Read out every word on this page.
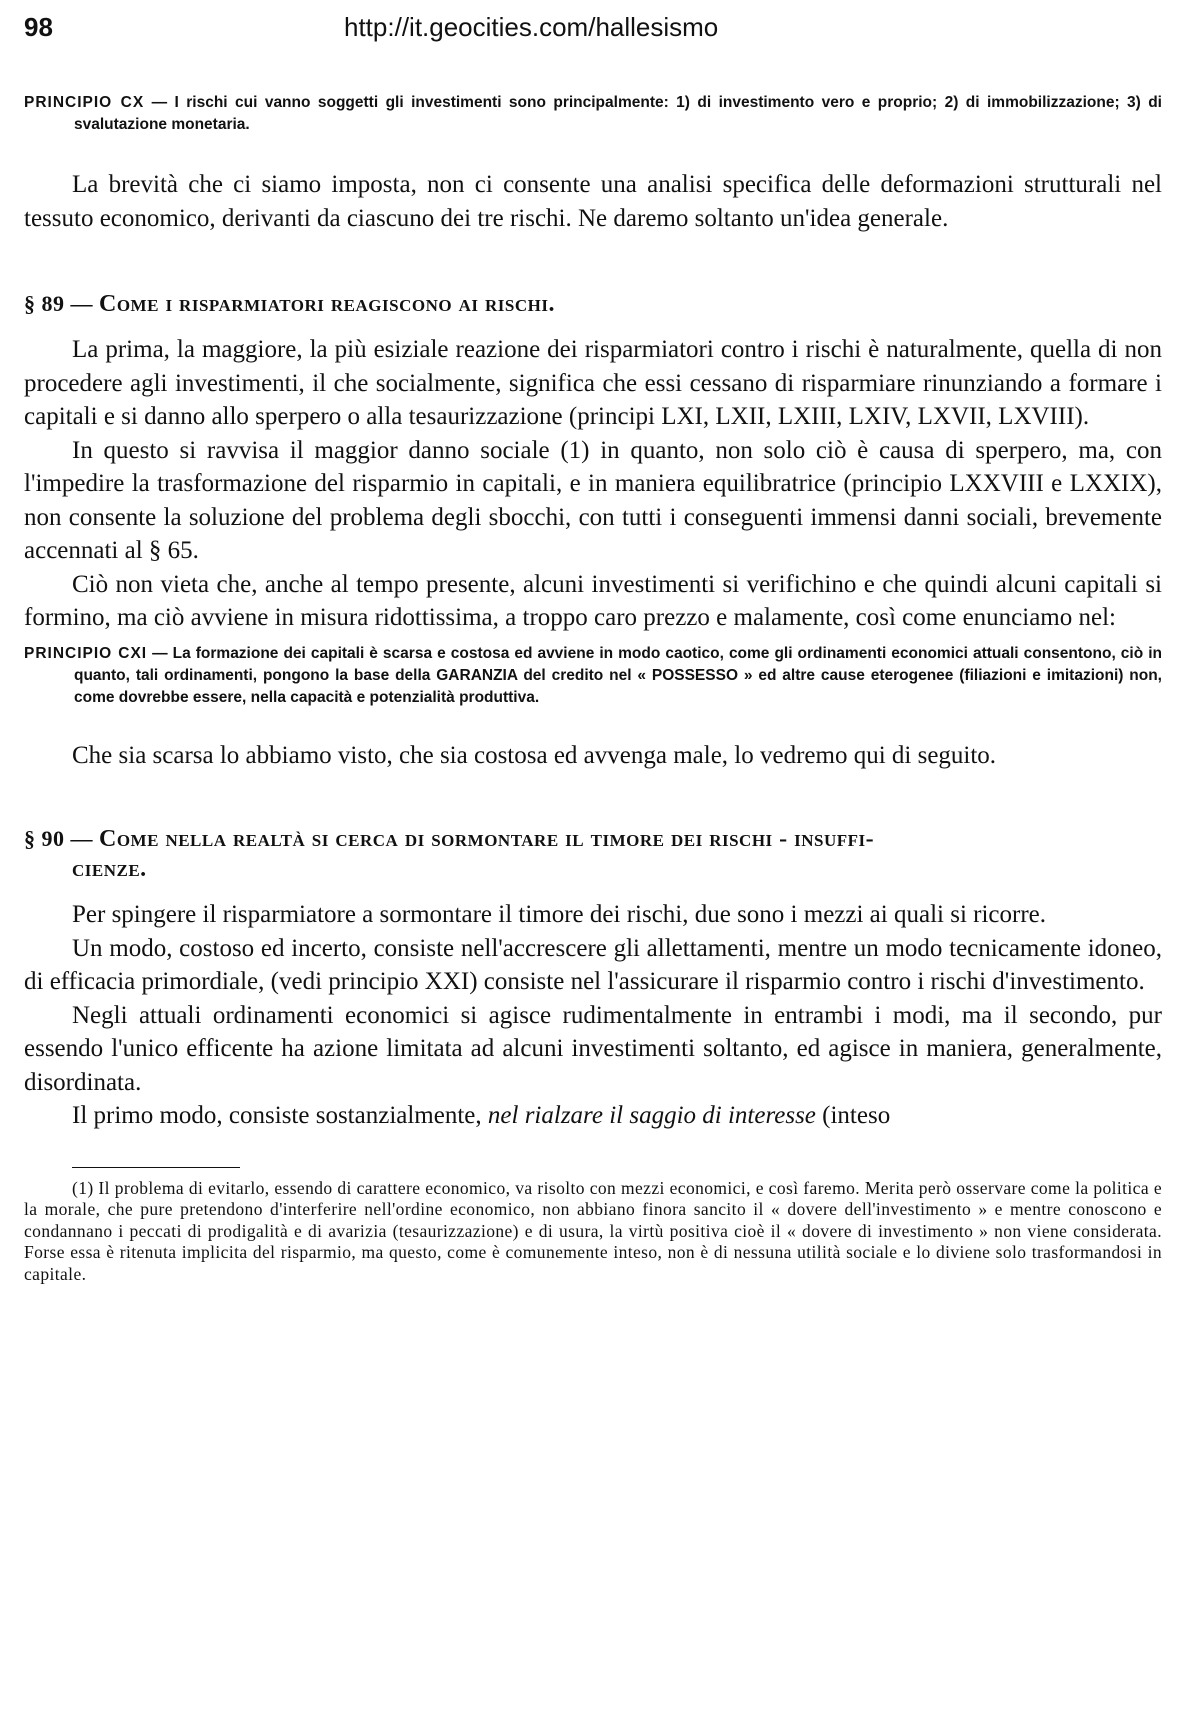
98	http://it.geocities.com/hallesismo

PRINCIPIO CX — I rischi cui vanno soggetti gli investimenti sono principalmente: 1) di investimento vero e proprio; 2) di immobilizzazione; 3) di svalutazione monetaria.

La brevità che ci siamo imposta, non ci consente una analisi specifica delle deformazioni strutturali nel tessuto economico, derivanti da ciascuno dei tre rischi. Ne daremo soltanto un'idea generale.

§ 89 — Come i risparmiatori reagiscono ai rischi.

La prima, la maggiore, la più esiziale reazione dei risparmiatori contro i rischi è naturalmente, quella di non procedere agli investimenti, il che socialmente, significa che essi cessano di risparmiare rinunziando a formare i capitali e si danno allo sperpero o alla tesaurizzazione (principi LXI, LXII, LXIII, LXIV, LXVII, LXVIII).

In questo si ravvisa il maggior danno sociale (1) in quanto, non solo ciò è causa di sperpero, ma, con l'impedire la trasformazione del risparmio in capitali, e in maniera equilibratrice (principio LXXVIII e LXXIX), non consente la soluzione del problema degli sbocchi, con tutti i conseguenti immensi danni sociali, brevemente accennati al § 65.

Ciò non vieta che, anche al tempo presente, alcuni investimenti si verifichino e che quindi alcuni capitali si formino, ma ciò avviene in misura ridottissima, a troppo caro prezzo e malamente, così come enunciamo nel:

PRINCIPIO CXI — La formazione dei capitali è scarsa e costosa ed avviene in modo caotico, come gli ordinamenti economici attuali consentono, ciò in quanto, tali ordinamenti, pongono la base della GARANZIA del credito nel « POSSESSO » ed altre cause eterogenee (filiazioni e imitazioni) non, come dovrebbe essere, nella capacità e potenzialità produttiva.

Che sia scarsa lo abbiamo visto, che sia costosa ed avvenga male, lo vedremo qui di seguito.

§ 90 — Come nella realtà si cerca di sormontare il timore dei rischi - insuffi-
cienze.

Per spingere il risparmiatore a sormontare il timore dei rischi, due sono i mezzi ai quali si ricorre.

Un modo, costoso ed incerto, consiste nell'accrescere gli allettamenti, mentre un modo tecnicamente idoneo, di efficacia primordiale, (vedi principio XXI) consiste nel l'assicurare il risparmio contro i rischi d'investimento.

Negli attuali ordinamenti economici si agisce rudimentalmente in entrambi i modi, ma il secondo, pur essendo l'unico efficente ha azione limitata ad alcuni investimenti soltanto, ed agisce in maniera, generalmente, disordinata.

Il primo modo, consiste sostanzialmente, nel rialzare il saggio di interesse (inteso

(1) Il problema di evitarlo, essendo di carattere economico, va risolto con mezzi economici, e così faremo. Merita però osservare come la politica e la morale, che pure pretendono d'interferire nell'ordine economico, non abbiano finora sancito il « dovere dell'investimento » e mentre conoscono e condannano i peccati di prodigalità e di avarizia (tesaurizzazione) e di usura, la virtù positiva cioè il « dovere di investimento » non viene considerata. Forse essa è ritenuta implicita del risparmio, ma questo, come è comunemente inteso, non è di nessuna utilità sociale e lo diviene solo trasformandosi in capitale.
